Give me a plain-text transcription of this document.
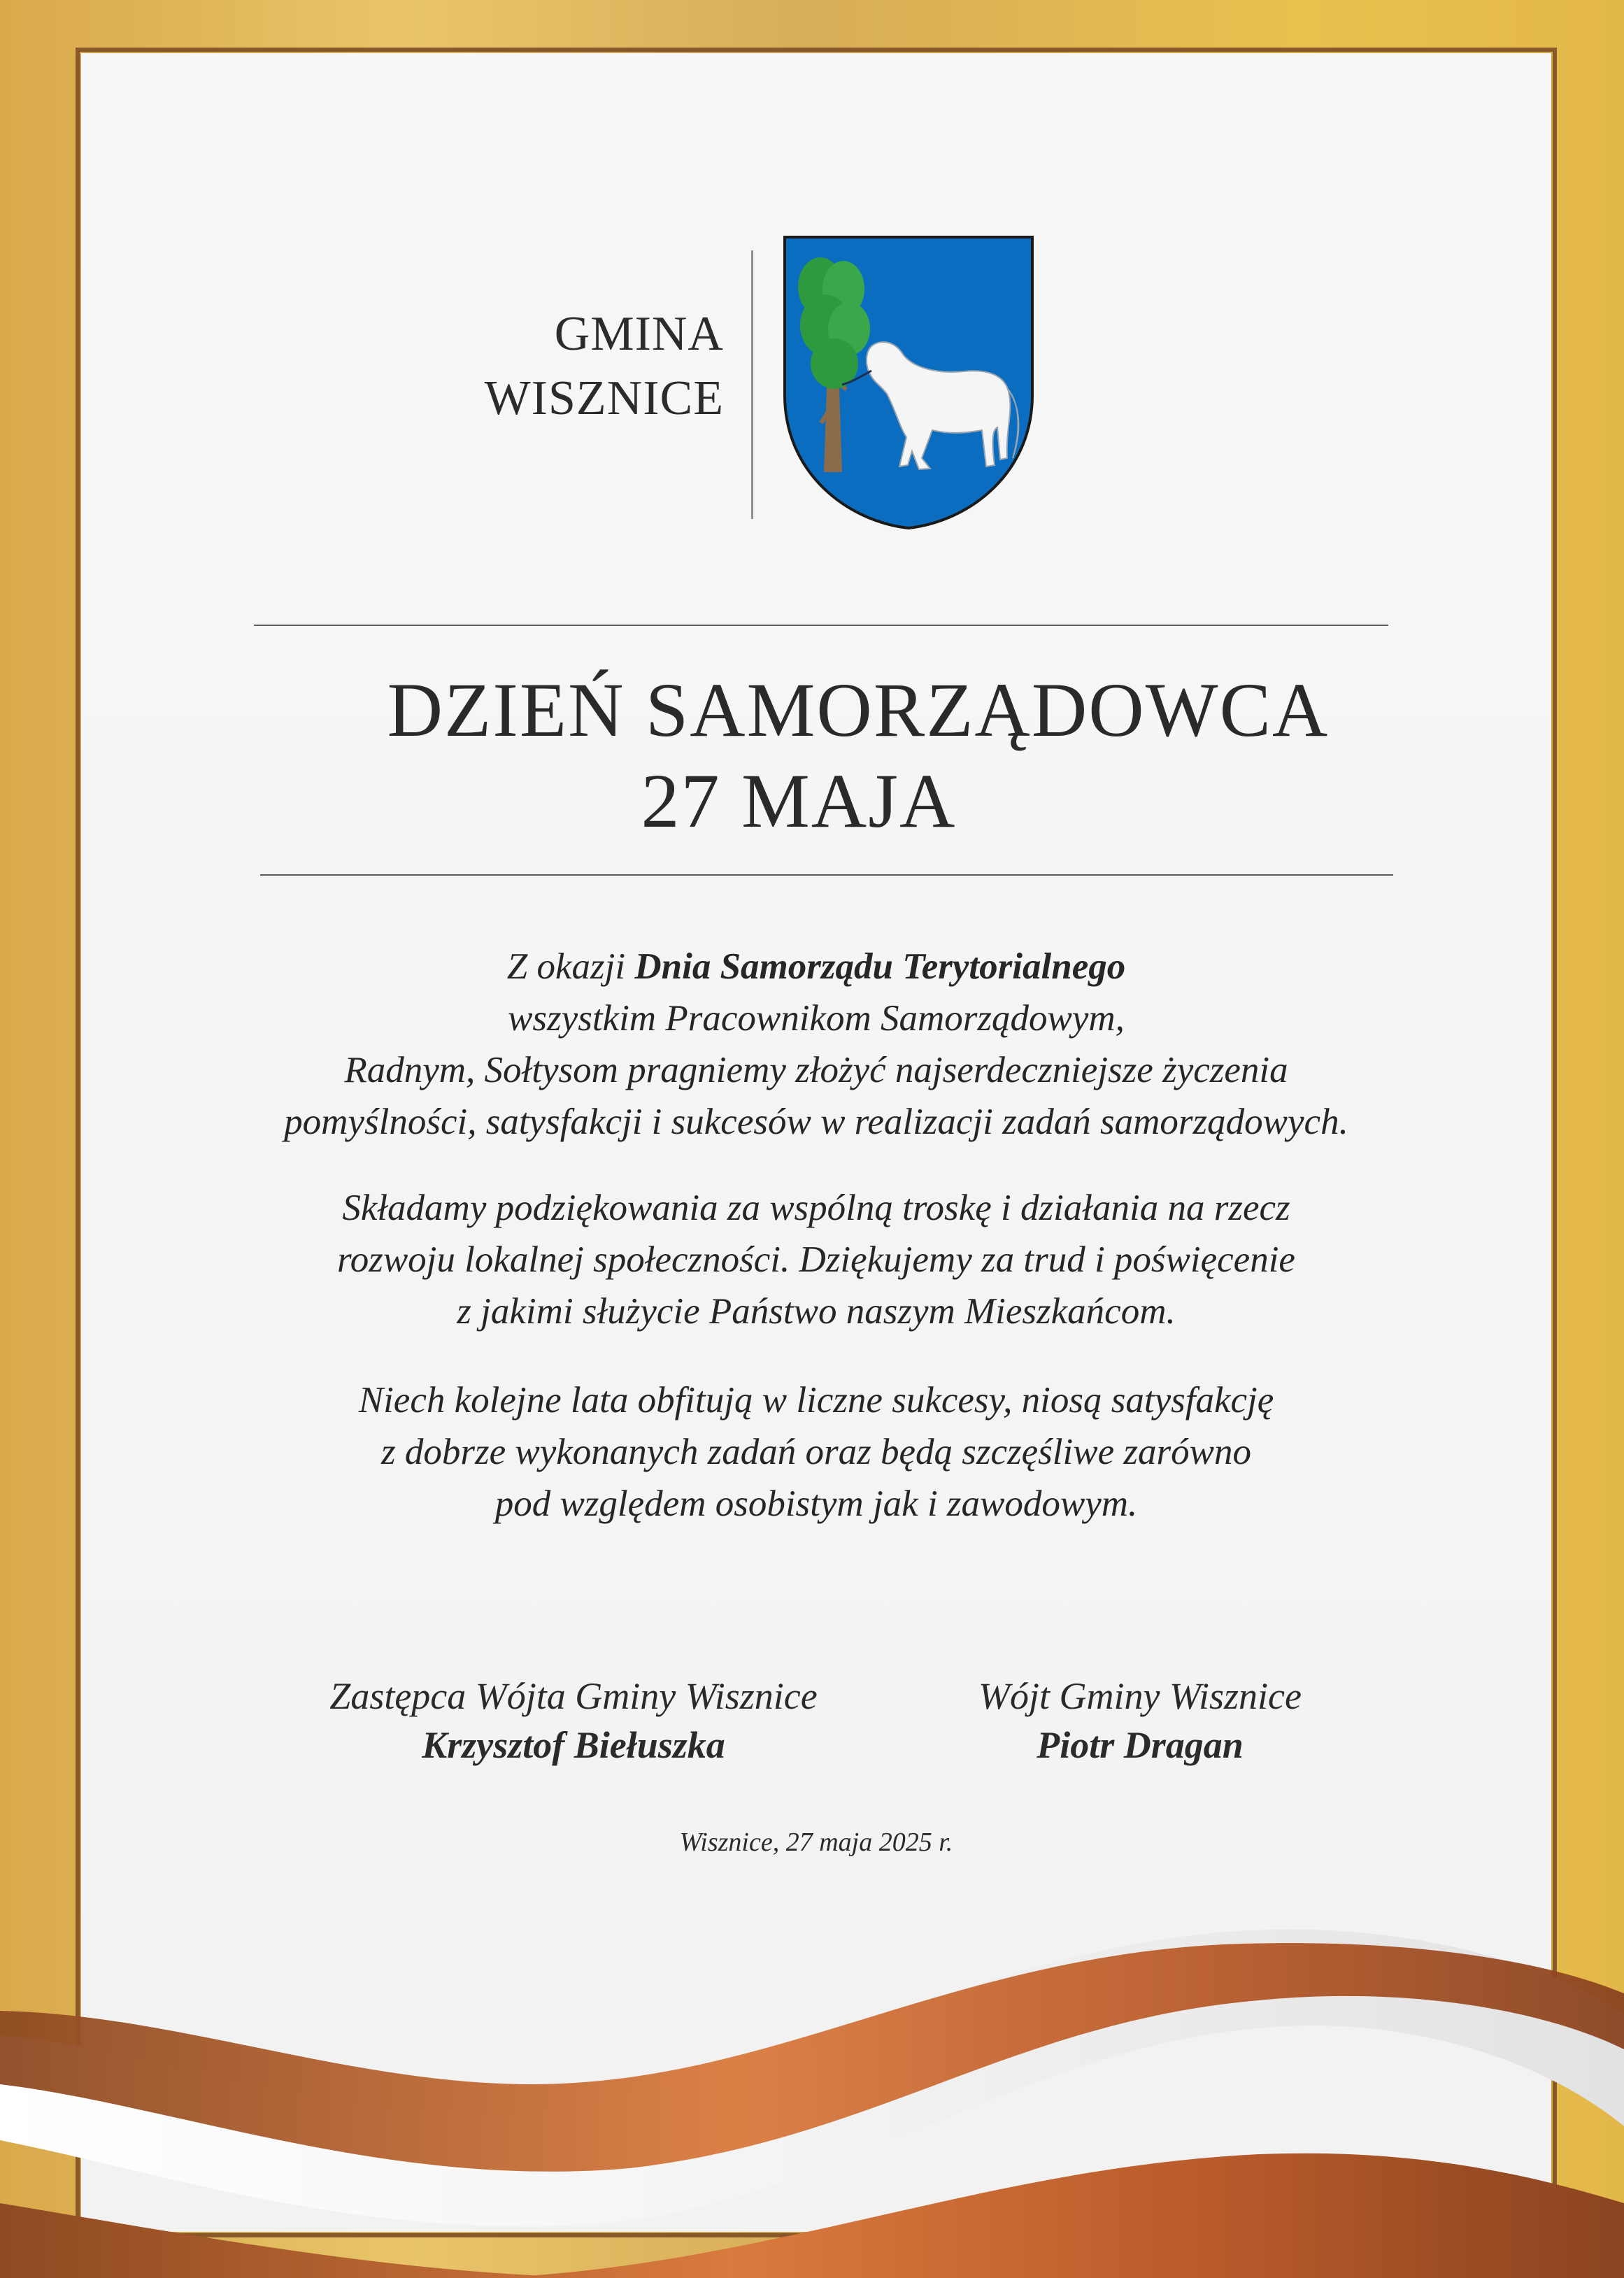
GMINA
WISZNICE
DZIEŃ SAMORZĄDOWCA
27 MAJA
Z okazji Dnia Samorządu Terytorialnego
wszystkim Pracownikom Samorządowym,
Radnym, Sołtysom pragniemy złożyć najserdeczniejsze życzenia
pomyślności, satysfakcji i sukcesów w realizacji zadań samorządowych.
Składamy podziękowania za wspólną troskę i działania na rzecz
rozwoju lokalnej społeczności. Dziękujemy za trud i poświęcenie
z jakimi służycie Państwo naszym Mieszkańcom.
Niech kolejne lata obfitują w liczne sukcesy, niosą satysfakcję
z dobrze wykonanych zadań oraz będą szczęśliwe zarówno
pod względem osobistym jak i zawodowym.
Zastępca Wójta Gminy Wisznice
Krzysztof Biełuszka
Wójt Gminy Wisznice
Piotr Dragan
Wisznice, 27 maja 2025 r.
